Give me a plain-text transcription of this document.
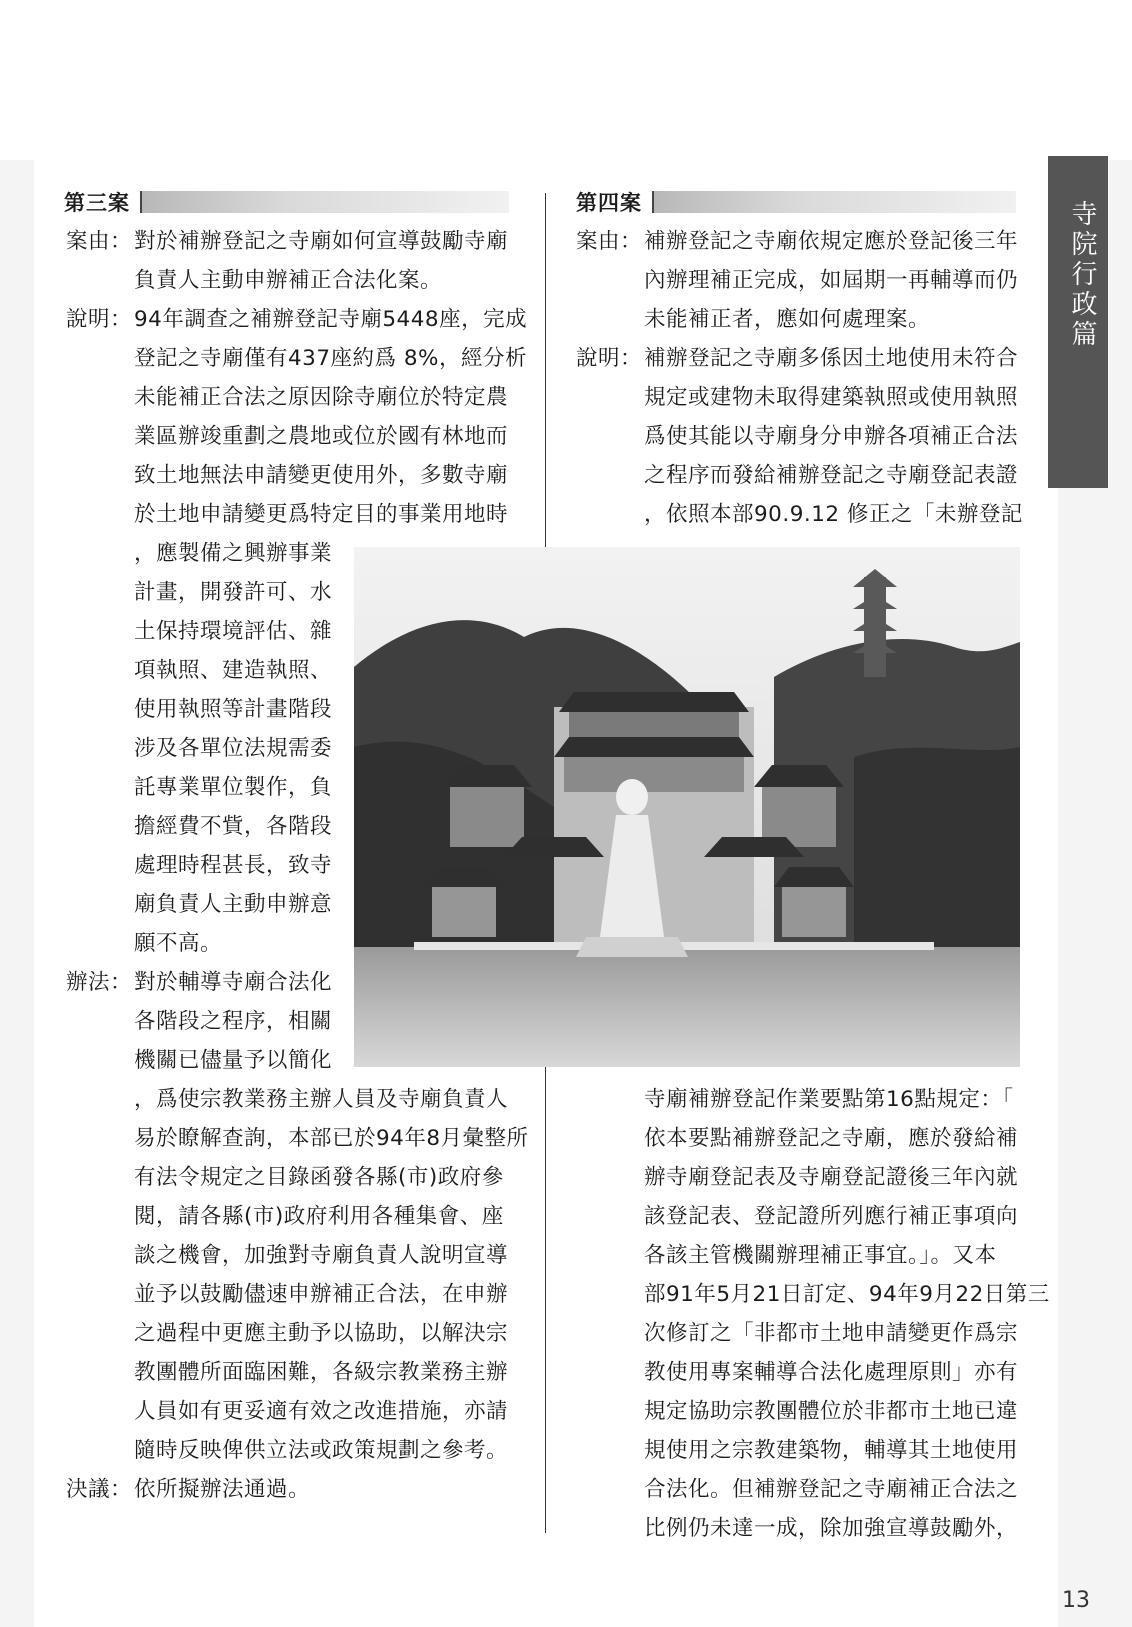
寺院行政篇
第三案
案由： 對於補辦登記之寺廟如何宣導鼓勵寺廟
負責人主動申辦補正合法化案。
說明： 94年調查之補辦登記寺廟5448座，完成
登記之寺廟僅有437座約爲 8%，經分析
未能補正合法之原因除寺廟位於特定農
業區辦竣重劃之農地或位於國有林地而
致土地無法申請變更使用外，多數寺廟
於土地申請變更爲特定目的事業用地時
，應製備之興辦事業
計畫，開發許可、水
土保持環境評估、雜
項執照、建造執照、
使用執照等計畫階段
涉及各單位法規需委
託專業單位製作，負
擔經費不貲，各階段
處理時程甚長，致寺
廟負責人主動申辦意
願不高。
辦法： 對於輔導寺廟合法化
各階段之程序，相關
機關已儘量予以簡化
，爲使宗教業務主辦人員及寺廟負責人
易於瞭解查詢，本部已於94年8月彙整所
有法令規定之目錄函發各縣(市)政府參
閱，請各縣(市)政府利用各種集會、座
談之機會，加強對寺廟負責人說明宣導
並予以鼓勵儘速申辦補正合法，在申辦
之過程中更應主動予以協助，以解決宗
教團體所面臨困難，各級宗教業務主辦
人員如有更妥適有效之改進措施，亦請
隨時反映俾供立法或政策規劃之參考。
決議： 依所擬辦法通過。
第四案
案由： 補辦登記之寺廟依規定應於登記後三年
內辦理補正完成，如屆期一再輔導而仍
未能補正者，應如何處理案。
說明： 補辦登記之寺廟多係因土地使用未符合
規定或建物未取得建築執照或使用執照
爲使其能以寺廟身分申辦各項補正合法
之程序而發給補辦登記之寺廟登記表證
，依照本部90.9.12 修正之「未辦登記
寺廟補辦登記作業要點第16點規定：「
依本要點補辦登記之寺廟，應於發給補
辦寺廟登記表及寺廟登記證後三年內就
該登記表、登記證所列應行補正事項向
各該主管機關辦理補正事宜。」。又本
部91年5月21日訂定、94年9月22日第三
次修訂之「非都市土地申請變更作爲宗
教使用專案輔導合法化處理原則」亦有
規定協助宗教團體位於非都市土地已違
規使用之宗教建築物，輔導其土地使用
合法化。但補辦登記之寺廟補正合法之
比例仍未達一成，除加強宣導鼓勵外，
13
